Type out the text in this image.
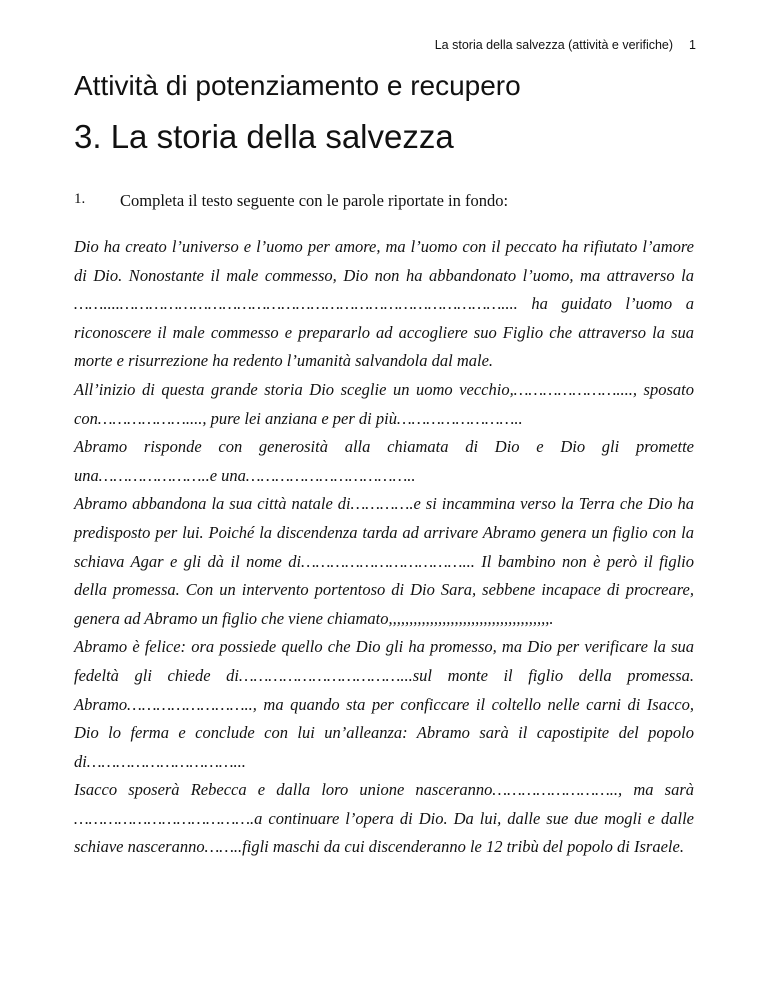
La storia della salvezza (attività e verifiche) 1
Attività di potenziamento e recupero
3. La storia della salvezza
1.	Completa il testo seguente con le parole riportate in fondo:

Dio ha creato l’universo e l’uomo per amore, ma l’uomo con il peccato ha rifiutato l’amore di Dio. Nonostante il male commesso, Dio non ha abbandonato l’uomo, ma attraverso la ……....…………………………………………………………………….... ha guidato l’uomo a riconoscere il male commesso e prepararlo ad accogliere suo Figlio che attraverso la sua morte e risurrezione ha redento l’umanità salvandola dal male.

All’inizio di questa grande storia Dio sceglie un uomo vecchio,…………………...., sposato con………………...., pure lei anziana e per di più……………………..

Abramo risponde con generosità alla chiamata di Dio e Dio gli promette una…………………..e una……………………………..

Abramo abbandona la sua città natale di………….e si incammina verso la Terra che Dio ha predisposto per lui. Poiché la discendenza tarda ad arrivare Abramo genera un figlio con la schiava Agar e gli dà il nome di……………………………... Il bambino non è però il figlio della promessa. Con un intervento portentoso di Dio Sara, sebbene incapace di procreare, genera ad Abramo un figlio che viene chiamato,,,,,,,,,,,,,,,,,,,,,,,,,,,,,,,,,,,,,,,.

Abramo è felice: ora possiede quello che Dio gli ha promesso, ma Dio per verificare la sua fedeltà gli chiede di……………………………...sul monte il figlio della promessa. Abramo…………………….., ma quando sta per conficcare il coltello nelle carni di Isacco, Dio lo ferma e conclude con lui un’alleanza: Abramo sarà il capostipite del popolo di…………………………...

Isacco sposerà Rebecca e dalla loro unione nasceranno…………………….., ma sarà ……………………………….a continuare l’opera di Dio. Da lui, dalle sue due mogli e dalle schiave nasceranno……..figli maschi da cui discenderanno le 12 tribù del popolo di Israele.
